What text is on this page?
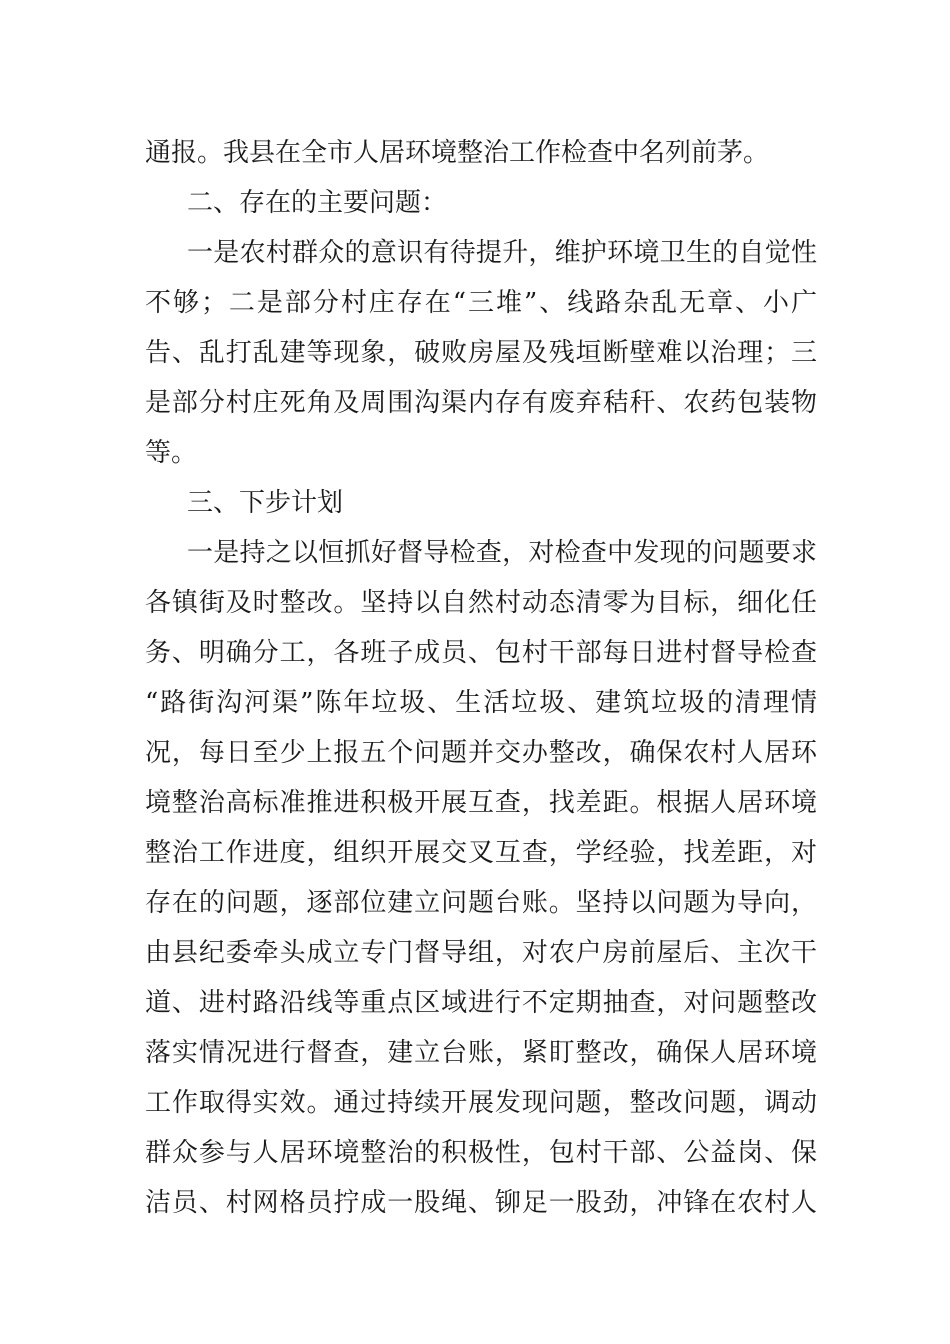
通报。我县在全市人居环境整治工作检查中名列前茅。
二、存在的主要问题：
一是农村群众的意识有待提升，维护环境卫生的自觉性
不够；二是部分村庄存在“三堆”、线路杂乱无章、小广
告、乱打乱建等现象，破败房屋及残垣断壁难以治理；三
是部分村庄死角及周围沟渠内存有废弃秸秆、农药包装物
等。
三、下步计划
一是持之以恒抓好督导检查，对检查中发现的问题要求
各镇街及时整改。坚持以自然村动态清零为目标，细化任
务、明确分工，各班子成员、包村干部每日进村督导检查
“路街沟河渠”陈年垃圾、生活垃圾、建筑垃圾的清理情
况，每日至少上报五个问题并交办整改，确保农村人居环
境整治高标准推进积极开展互查，找差距。根据人居环境
整治工作进度，组织开展交叉互查，学经验，找差距，对
存在的问题，逐部位建立问题台账。坚持以问题为导向，
由县纪委牵头成立专门督导组，对农户房前屋后、主次干
道、进村路沿线等重点区域进行不定期抽查，对问题整改
落实情况进行督查，建立台账，紧盯整改，确保人居环境
工作取得实效。通过持续开展发现问题，整改问题，调动
群众参与人居环境整治的积极性，包村干部、公益岗、保
洁员、村网格员拧成一股绳、铆足一股劲，冲锋在农村人
